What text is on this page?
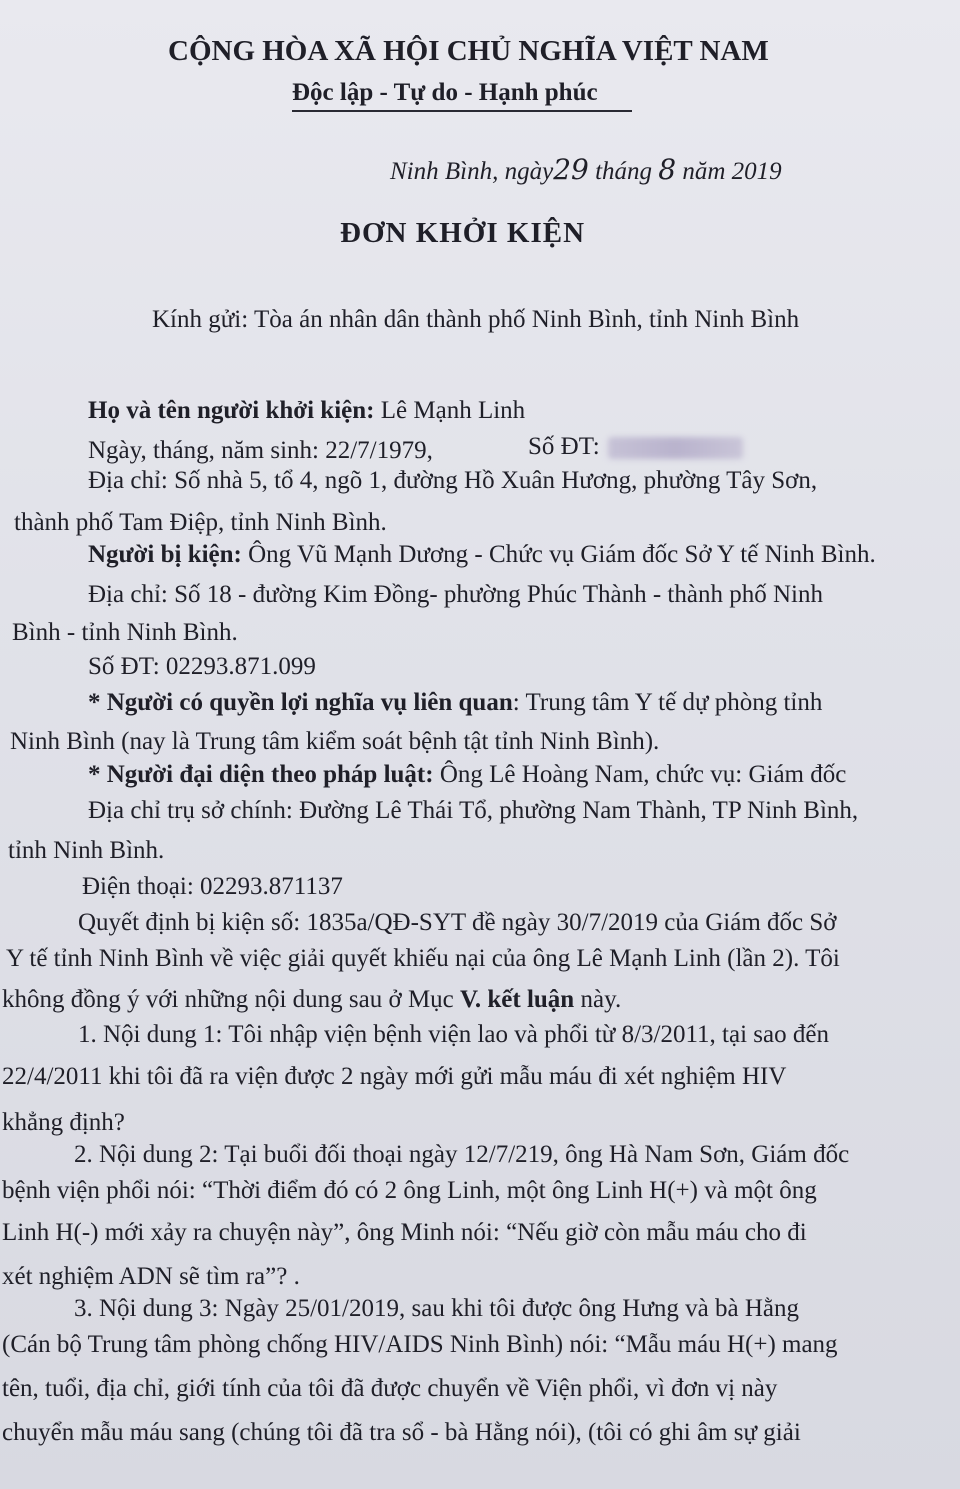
CỘNG HÒA XÃ HỘI CHỦ NGHĨA VIỆT NAM
Độc lập - Tự do - Hạnh phúc
Ninh Bình, ngày29 tháng 8 năm 2019
ĐƠN KHỞI KIỆN
Kính gửi: Tòa án nhân dân thành phố Ninh Bình, tỉnh Ninh Bình
Họ và tên người khởi kiện: Lê Mạnh Linh
Ngày, tháng, năm sinh: 22/7/1979,	Số ĐT:
Địa chỉ: Số nhà 5, tổ 4, ngõ 1, đường Hồ Xuân Hương, phường Tây Sơn,
thành phố Tam Điệp, tỉnh Ninh Bình.
Người bị kiện: Ông Vũ Mạnh Dương - Chức vụ Giám đốc Sở Y tế Ninh Bình.
Địa chỉ: Số 18 - đường Kim Đồng- phường Phúc Thành - thành phố Ninh
Bình - tỉnh Ninh Bình.
Số ĐT: 02293.871.099
* Người có quyền lợi nghĩa vụ liên quan: Trung tâm Y tế dự phòng tỉnh
Ninh Bình (nay là Trung tâm kiểm soát bệnh tật tỉnh Ninh Bình).
* Người đại diện theo pháp luật: Ông Lê Hoàng Nam, chức vụ: Giám đốc
Địa chỉ trụ sở chính: Đường Lê Thái Tổ, phường Nam Thành, TP Ninh Bình,
tỉnh Ninh Bình.
Điện thoại: 02293.871137
Quyết định bị kiện số: 1835a/QĐ-SYT đề ngày 30/7/2019 của Giám đốc Sở
Y tế tỉnh Ninh Bình về việc giải quyết khiếu nại của ông Lê Mạnh Linh (lần 2). Tôi
không đồng ý với những nội dung sau ở Mục V. kết luận này.
1. Nội dung 1: Tôi nhập viện bệnh viện lao và phổi từ 8/3/2011, tại sao đến
22/4/2011 khi tôi đã ra viện được 2 ngày mới gửi mẫu máu đi xét nghiệm HIV
khẳng định?
2. Nội dung 2: Tại buổi đối thoại ngày 12/7/219, ông Hà Nam Sơn, Giám đốc
bệnh viện phổi nói: “Thời điểm đó có 2 ông Linh, một ông Linh H(+) và một ông
Linh H(-) mới xảy ra chuyện này”, ông Minh nói: “Nếu giờ còn mẫu máu cho đi
xét nghiệm ADN sẽ tìm ra”? .
3. Nội dung 3: Ngày 25/01/2019, sau khi tôi được ông Hưng và bà Hằng
(Cán bộ Trung tâm phòng chống HIV/AIDS Ninh Bình) nói: “Mẫu máu H(+) mang
tên, tuổi, địa chỉ, giới tính của tôi đã được chuyển về Viện phổi, vì đơn vị này
chuyển mẫu máu sang (chúng tôi đã tra sổ - bà Hằng nói), (tôi có ghi âm sự giải
